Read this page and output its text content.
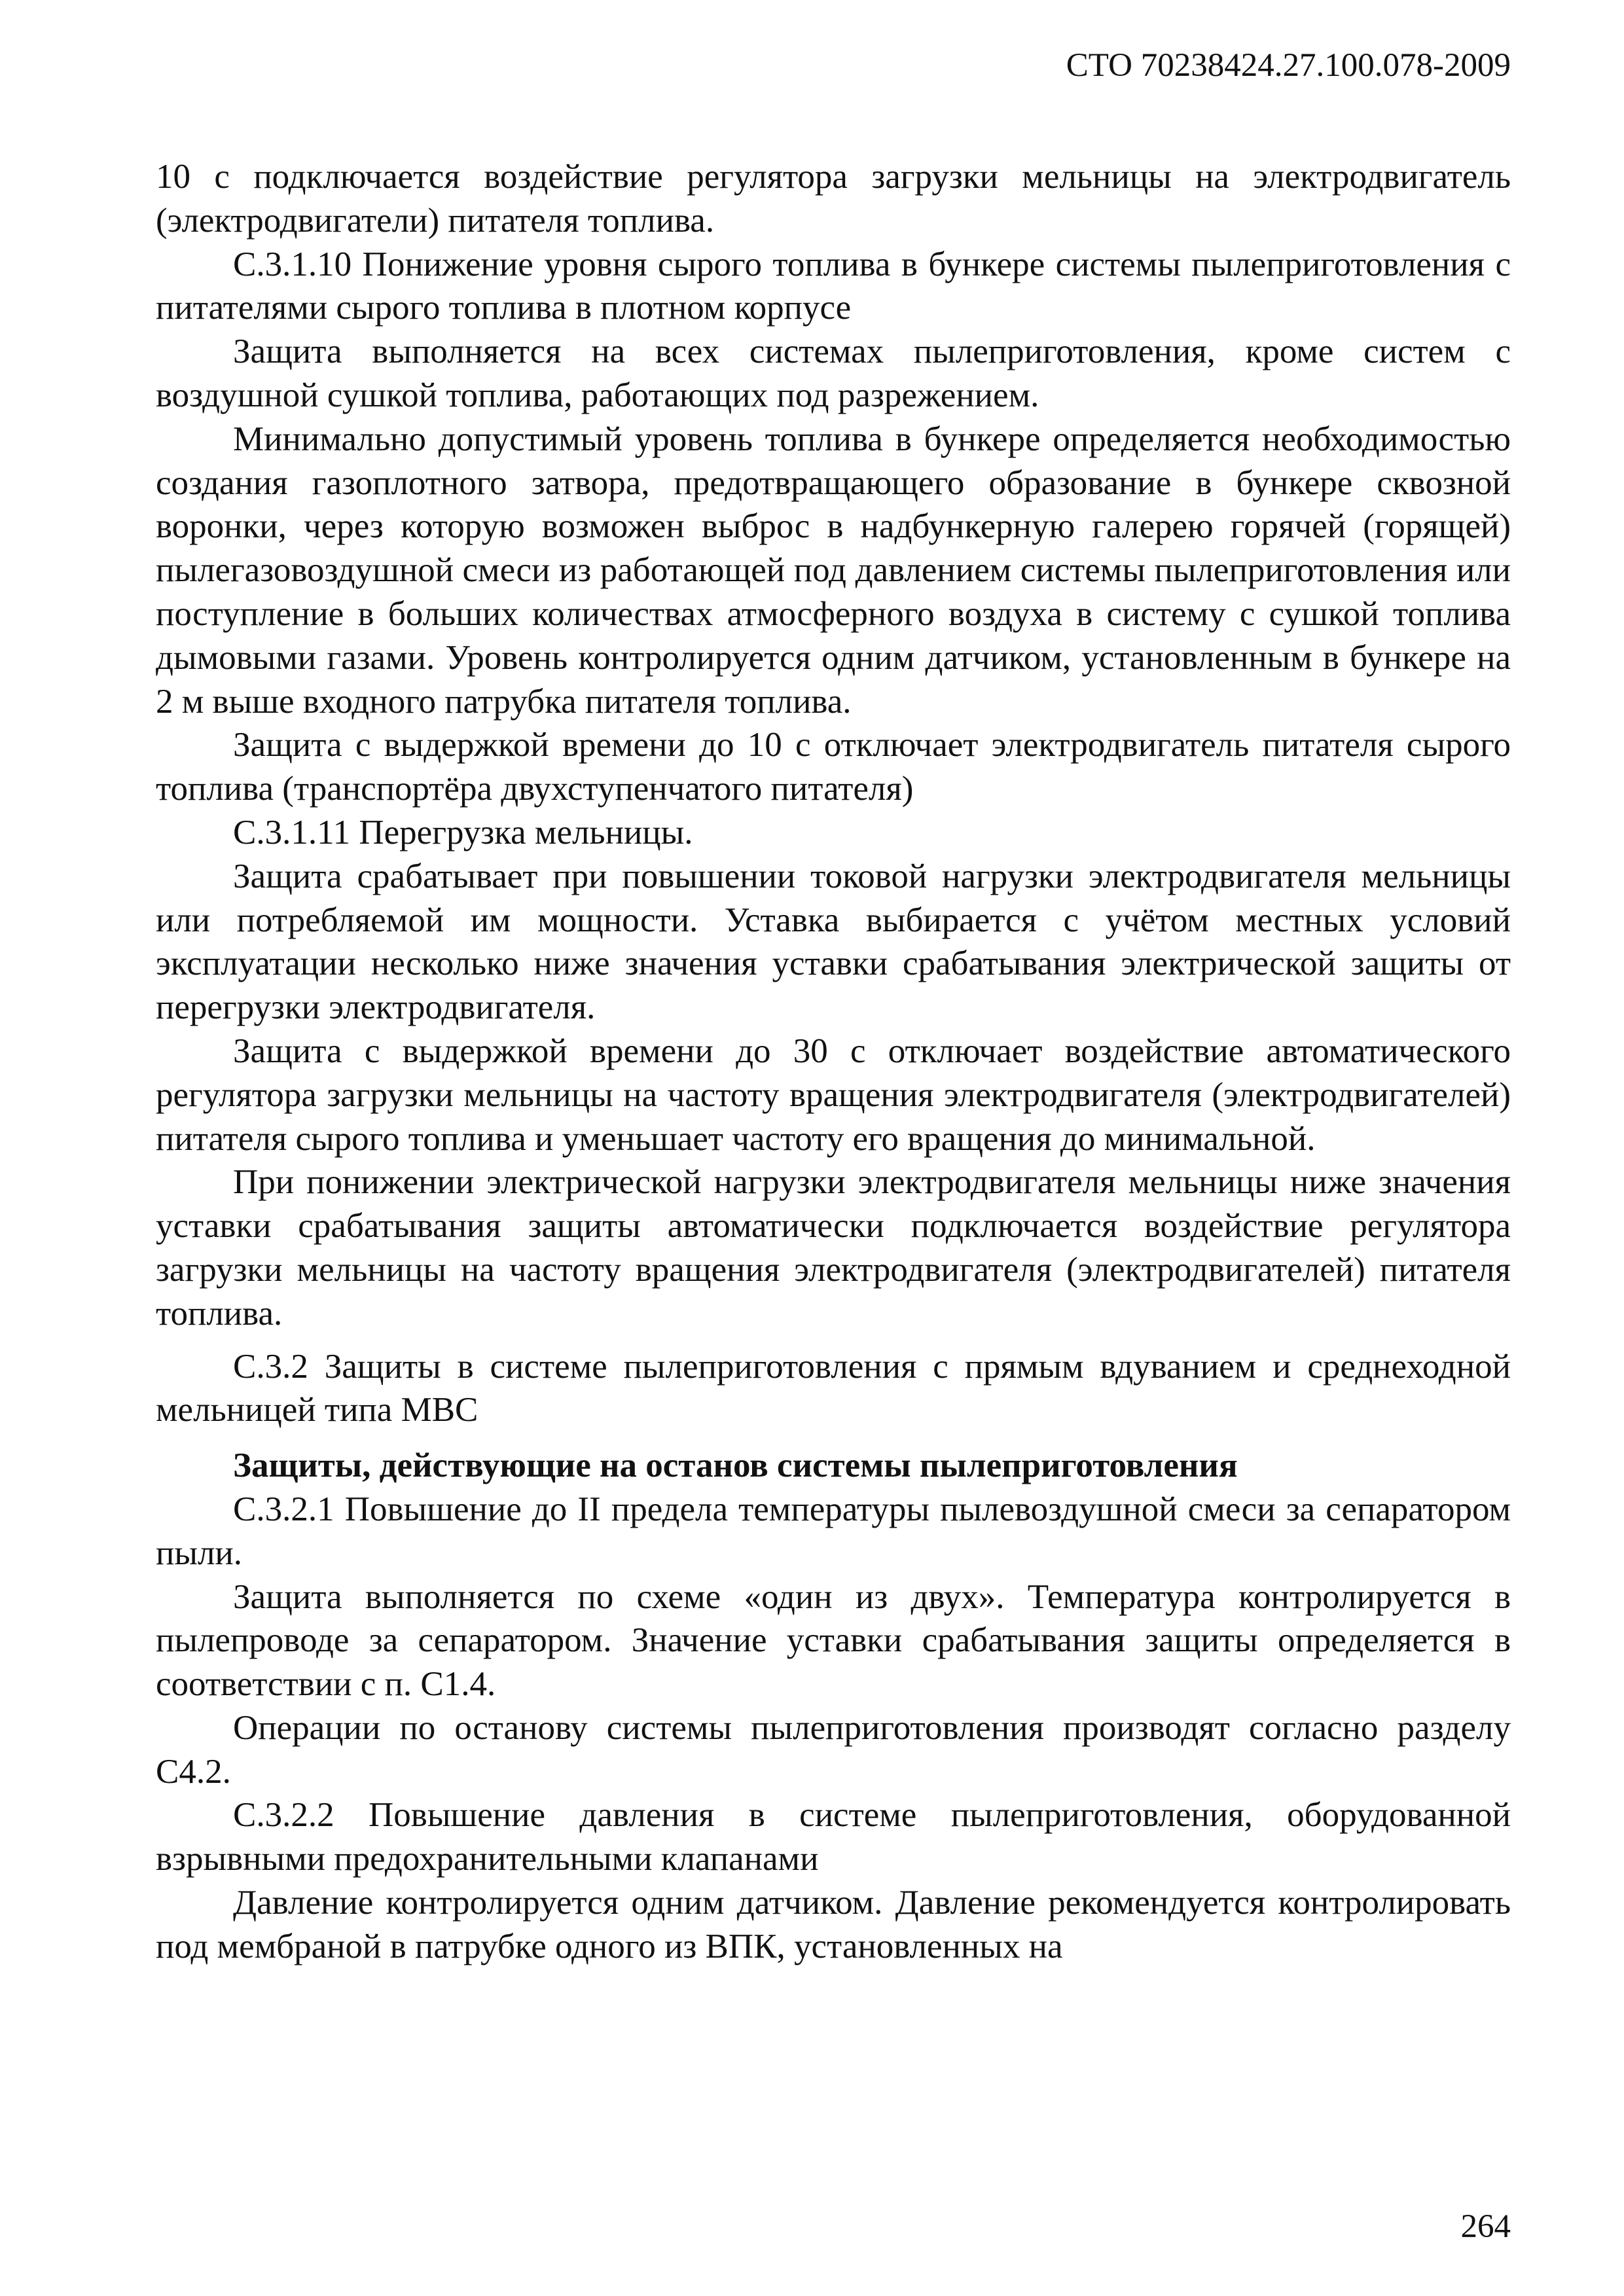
СТО 70238424.27.100.078-2009

10 с подключается воздействие регулятора загрузки мельницы на электродвигатель (электродвигатели) питателя топлива.

С.3.1.10 Понижение уровня сырого топлива в бункере системы пылеприготовления с питателями сырого топлива в плотном корпусе

Защита выполняется на всех системах пылеприготовления, кроме систем с воздушной сушкой топлива, работающих под разрежением.

Минимально допустимый уровень топлива в бункере определяется необходимостью создания газоплотного затвора, предотвращающего образование в бункере сквозной воронки, через которую возможен выброс в надбункерную галерею горячей (горящей) пылегазовоздушной смеси из работающей под давлением системы пылеприготовления или поступление в больших количествах атмосферного воздуха в систему с сушкой топлива дымовыми газами. Уровень контролируется одним датчиком, установленным в бункере на 2 м выше входного патрубка питателя топлива.

Защита с выдержкой времени до 10 с отключает электродвигатель питателя сырого топлива (транспортёра двухступенчатого питателя)

С.3.1.11 Перегрузка мельницы.

Защита срабатывает при повышении токовой нагрузки электродвигателя мельницы или потребляемой им мощности. Уставка выбирается с учётом местных условий эксплуатации несколько ниже значения уставки срабатывания электрической защиты от перегрузки электродвигателя.

Защита с выдержкой времени до 30 с отключает воздействие автоматического регулятора загрузки мельницы на частоту вращения электродвигателя (электродвигателей) питателя сырого топлива и уменьшает частоту его вращения до минимальной.

При понижении электрической нагрузки электродвигателя мельницы ниже значения уставки срабатывания защиты автоматически подключается воздействие регулятора загрузки мельницы на частоту вращения электродвигателя (электродвигателей) питателя топлива.

С.3.2 Защиты в системе пылеприготовления с прямым вдуванием и среднеходной мельницей типа МВС

Защиты, действующие на останов системы пылеприготовления

С.3.2.1 Повышение до II предела температуры пылевоздушной смеси за сепаратором пыли.

Защита выполняется по схеме «один из двух». Температура контролируется в пылепроводе за сепаратором. Значение уставки срабатывания защиты определяется в соответствии с п. С1.4.

Операции по останову системы пылеприготовления производят согласно разделу С4.2.

С.3.2.2 Повышение давления в системе пылеприготовления, оборудованной взрывными предохранительными клапанами

Давление контролируется одним датчиком. Давление рекомендуется контролировать под мембраной в патрубке одного из ВПК, установленных на

264
